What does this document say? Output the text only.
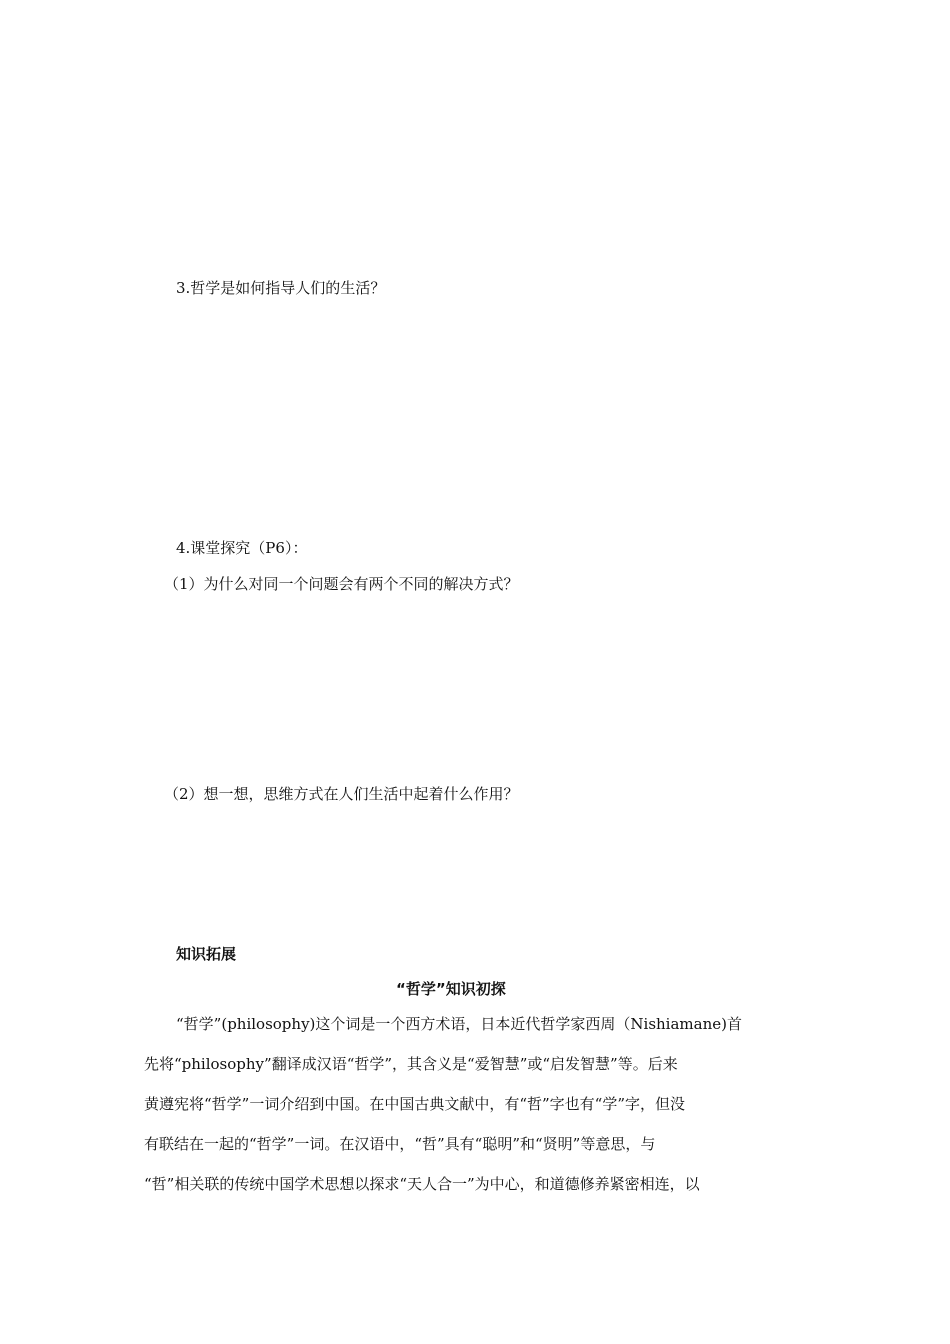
3.哲学是如何指导人们的生活？
4.课堂探究（P6）：
（1）为什么对同一个问题会有两个不同的解决方式？
（2）想一想，思维方式在人们生活中起着什么作用？
知识拓展
“哲学”知识初探
“哲学”(philosophy)这个词是一个西方术语，日本近代哲学家西周（Nishiamane)首
先将“philosophy”翻译成汉语“哲学”，其含义是“爱智慧”或“启发智慧”等。后来
黄遵宪将“哲学”一词介绍到中国。在中国古典文献中，有“哲”字也有“学”字，但没
有联结在一起的“哲学”一词。在汉语中，“哲”具有“聪明”和“贤明”等意思，与
“哲”相关联的传统中国学术思想以探求“天人合一”为中心，和道德修养紧密相连，以
